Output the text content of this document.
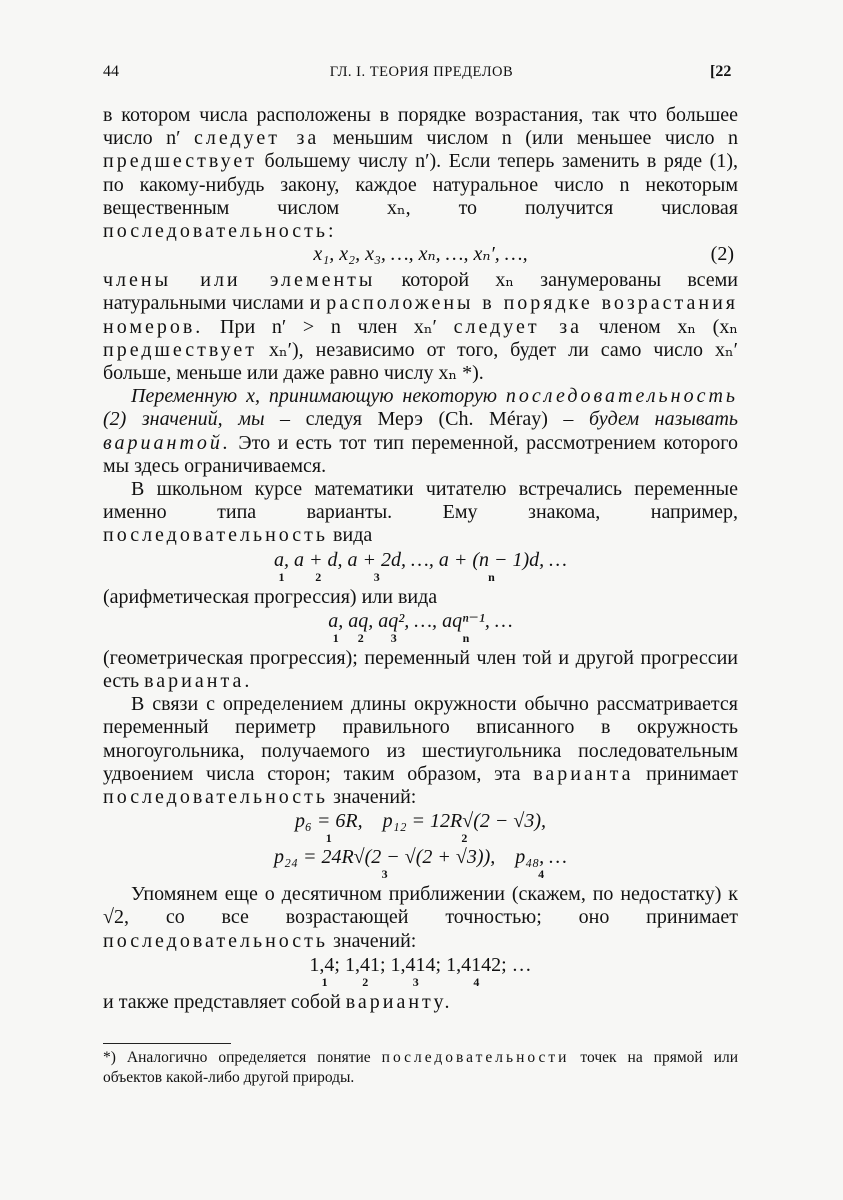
44	ГЛ. I. ТЕОРИЯ ПРЕДЕЛОВ	[22

в котором числа расположены в порядке возрастания, так что большее число n′ следует за меньшим числом n (или меньшее число n предшествует большему числу n′). Если теперь заменить в ряде (1), по какому-нибудь закону, каждое натуральное число n некоторым вещественным числом xₙ, то получится числовая последовательность:

x₁, x₂, x₃, …, xₙ, …, xₙ′, …,	(2)

члены или элементы которой xₙ занумерованы всеми натуральными числами и расположены в порядке возрастания номеров. При n′ > n член xₙ′ следует за членом xₙ (xₙ предшествует xₙ′), независимо от того, будет ли само число xₙ′ больше, меньше или даже равно числу xₙ *).

Переменную x, принимающую некоторую последовательность (2) значений, мы – следуя Мерэ (Ch. Méray) – будем называть вариантой. Это и есть тот тип переменной, рассмотрением которого мы здесь ограничиваемся.

В школьном курсе математики читателю встречались переменные именно типа варианты. Ему знакома, например, последовательность вида

a,
1
a + d,
2
a + 2d,
3
…,
a + (n − 1)d,
n
…

(арифметическая прогрессия) или вида

a,
1
aq,
2
aq²,
3
…,
aqⁿ⁻¹,
n
…

(геометрическая прогрессия); переменный член той и другой прогрессии есть варианта.

В связи с определением длины окружности обычно рассматривается переменный периметр правильного вписанного в окружность многоугольника, получаемого из шестиугольника последовательным удвоением числа сторон; таким образом, эта варианта принимает последовательность значений:

p₆ = 6R,
1
p₁₂ = 12R√(2 − √3),
2
p₂₄ = 24R√(2 − √(2 + √3)),
3
p₄₈, …
4

Упомянем еще о десятичном приближении (скажем, по недостатку) к √2, со все возрастающей точностью; оно принимает последовательность значений:

1,4;
1
1,41;
2
1,414;
3
1,4142;
4
…

и также представляет собой варианту.

*) Аналогично определяется понятие последовательности точек на прямой или объектов какой-либо другой природы.
